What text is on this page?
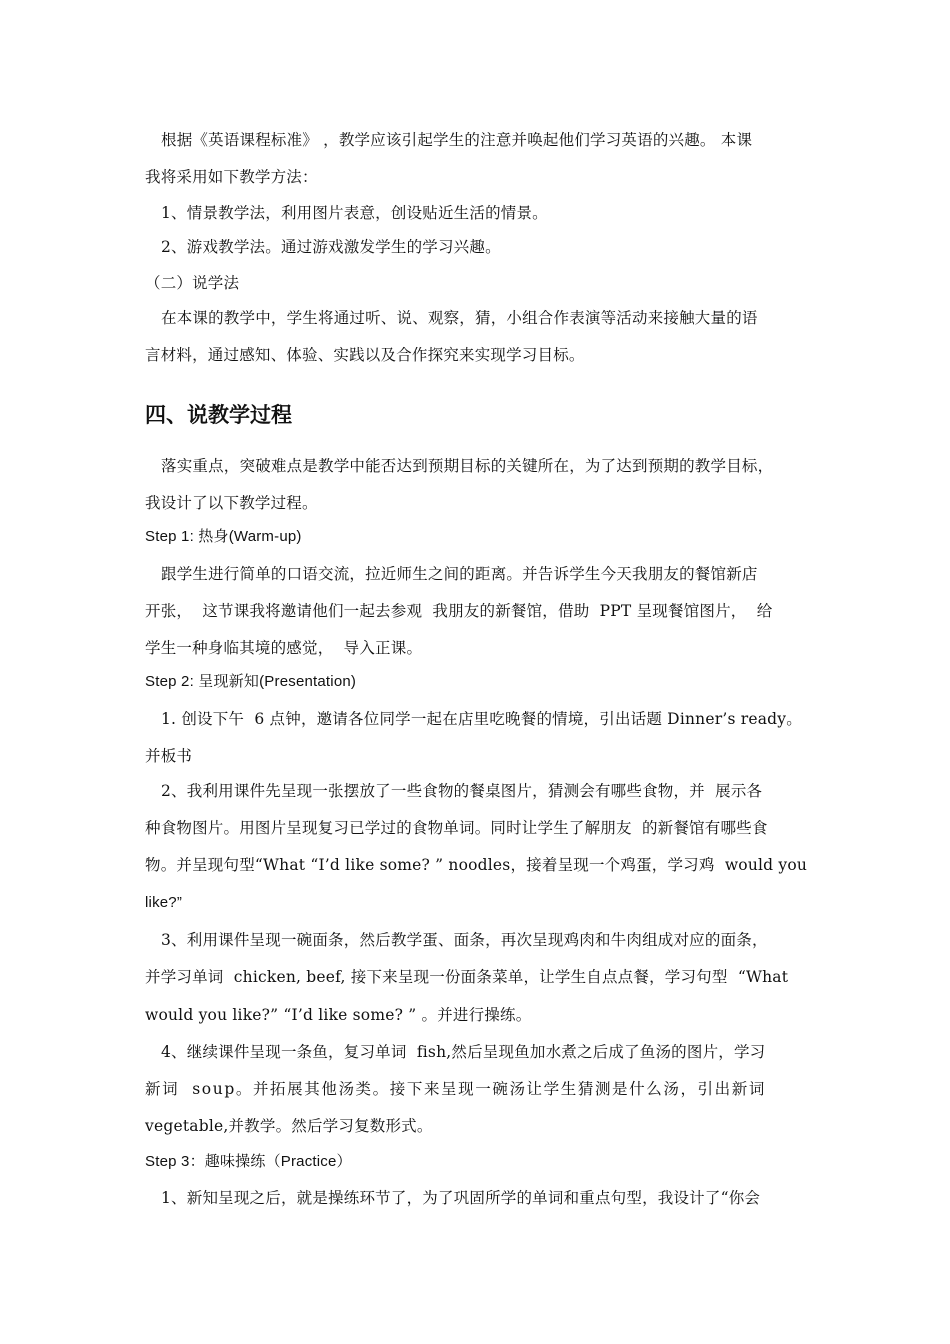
根据《英语课程标准》 ，教学应该引起学生的注意并唤起他们学习英语的兴趣。 本课
我将采用如下教学方法：
1、情景教学法，利用图片表意，创设贴近生活的情景。
2、游戏教学法。通过游戏激发学生的学习兴趣。
（二）说学法
在本课的教学中，学生将通过听、说、观察，猜，小组合作表演等活动来接触大量的语
言材料，通过感知、体验、实践以及合作探究来实现学习目标。
四、说教学过程
落实重点，突破难点是教学中能否达到预期目标的关键所在，为了达到预期的教学目标，
我设计了以下教学过程。
Step 1: 热身(Warm-up)
跟学生进行简单的口语交流，拉近师生之间的距离。并告诉学生今天我朋友的餐馆新店
开张，  这节课我将邀请他们一起去参观  我朋友的新餐馆，借助  PPT 呈现餐馆图片，  给
学生一种身临其境的感觉，  导入正课。
Step 2: 呈现新知(Presentation)
1. 创设下午  6 点钟，邀请各位同学一起在店里吃晚餐的情境，引出话题 Dinner’s ready。
并板书
2、我利用课件先呈现一张摆放了一些食物的餐桌图片，猜测会有哪些食物，并  展示各
种食物图片。用图片呈现复习已学过的食物单词。同时让学生了解朋友  的新餐馆有哪些食
物。并呈现句型“What “I’d like some? ” noodles，接着呈现一个鸡蛋，学习鸡  would you
like?”
3、利用课件呈现一碗面条，然后教学蛋、面条，再次呈现鸡肉和牛肉组成对应的面条，
并学习单词  chicken, beef, 接下来呈现一份面条菜单，让学生自点点餐，学习句型  “What
would you like?” “I’d like some? ” 。并进行操练。
4、继续课件呈现一条鱼，复习单词  fish,然后呈现鱼加水煮之后成了鱼汤的图片，学习
新词  soup。并拓展其他汤类。接下来呈现一碗汤让学生猜测是什么汤，引出新词
vegetable,并教学。然后学习复数形式。
Step 3：趣味操练（Practice）
1、新知呈现之后，就是操练环节了，为了巩固所学的单词和重点句型，我设计了“你会
